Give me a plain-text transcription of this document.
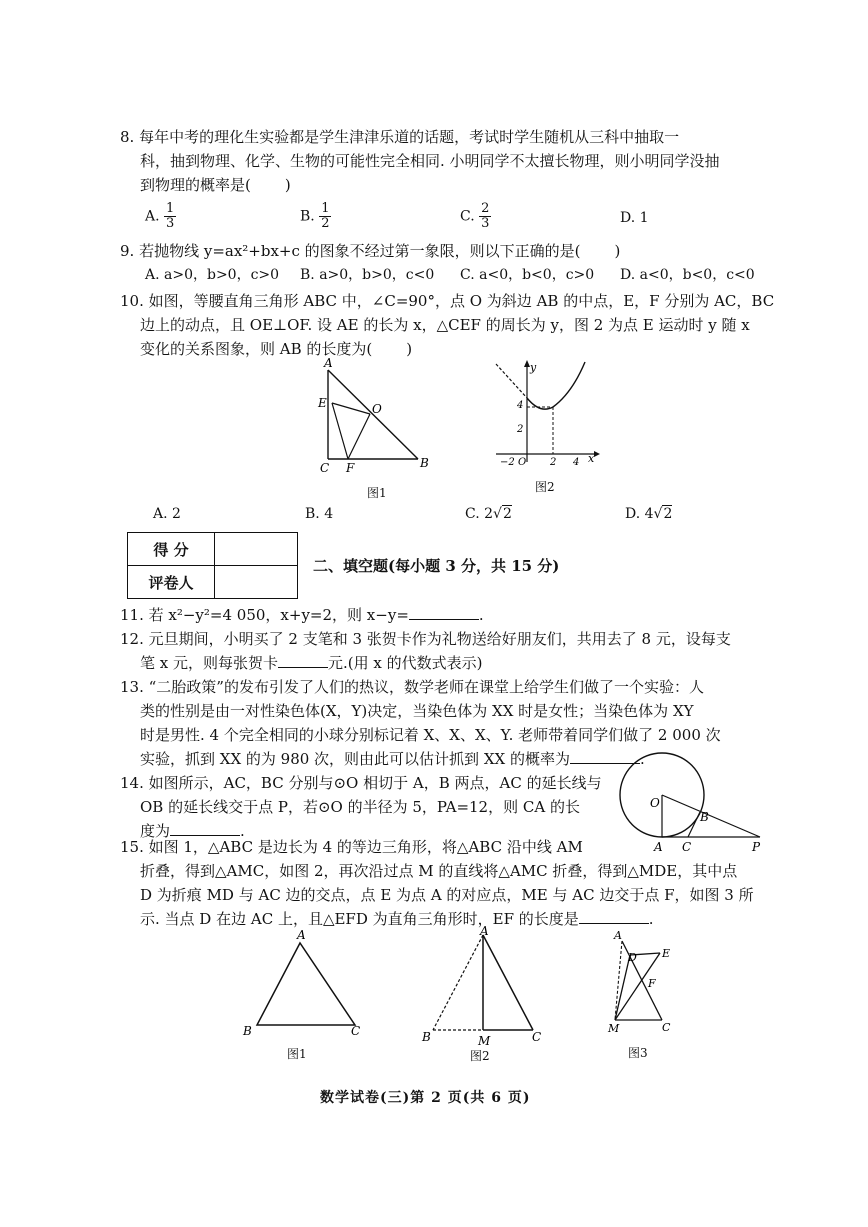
8. 每年中考的理化生实验都是学生津津乐道的话题，考试时学生随机从三科中抽取一
科，抽到物理、化学、生物的可能性完全相同. 小明同学不太擅长物理，则小明同学没抽
到物理的概率是( )
A. $\frac{1}{3}$	B. $\frac{1}{2}$	C. $\frac{2}{3}$	D. 1
9. 若抛物线 y=ax²+bx+c 的图象不经过第一象限，则以下正确的是( )
A. a>0，b>0，c>0 B. a>0，b>0，c<0 C. a<0，b<0，c>0 D. a<0，b<0，c<0
10. 如图，等腰直角三角形 ABC 中，∠C=90°，点 O 为斜边 AB 的中点，E，F 分别为 AC，BC
边上的动点，且 OE⊥OF. 设 AE 的长为 x，△CEF 的周长为 y，图 2 为点 E 运动时 y 随 x
变化的关系图象，则 AB 的长度为( )
A
E	O
C F	B
图1
y
4
2
−2 O 2 4 x
图2
A. 2	B. 4	C. 2√2	D. 4√2
得 分	
评卷人	
二、填空题(每小题 3 分，共 15 分)
11. 若 x²−y²=4 050，x+y=2，则 x−y=	.
12. 元旦期间，小明买了 2 支笔和 3 张贺卡作为礼物送给好朋友们，共用去了 8 元，设每支
笔 x 元，则每张贺卡	元.(用 x 的代数式表示)
13. “二胎政策”的发布引发了人们的热议，数学老师在课堂上给学生们做了一个实验：人
类的性别是由一对性染色体(X，Y)决定，当染色体为 XX 时是女性；当染色体为 XY
时是男性. 4 个完全相同的小球分别标记着 X、X、X、Y. 老师带着同学们做了 2 000 次
实验，抓到 XX 的为 980 次，则由此可以估计抓到 XX 的概率为	.
14. 如图所示，AC，BC 分别与⊙O 相切于 A，B 两点，AC 的延长线与
OB 的延长线交于点 P，若⊙O 的半径为 5，PA=12，则 CA 的长
度为	.
O
B
A C	P
15. 如图 1，△ABC 是边长为 4 的等边三角形，将△ABC 沿中线 AM
折叠，得到△AMC，如图 2，再次沿过点 M 的直线将△AMC 折叠，得到△MDE，其中点
D 为折痕 MD 与 AC 边的交点，点 E 为点 A 的对应点，ME 与 AC 边交于点 F，如图 3 所
示. 当点 D 在边 AC 上，且△EFD 为直角三角形时，EF 的长度是	.
A
B	C
图1
A
B	M	C
图2
A
D E
F
M	C
图3
数学试卷(三)第 2 页(共 6 页)
